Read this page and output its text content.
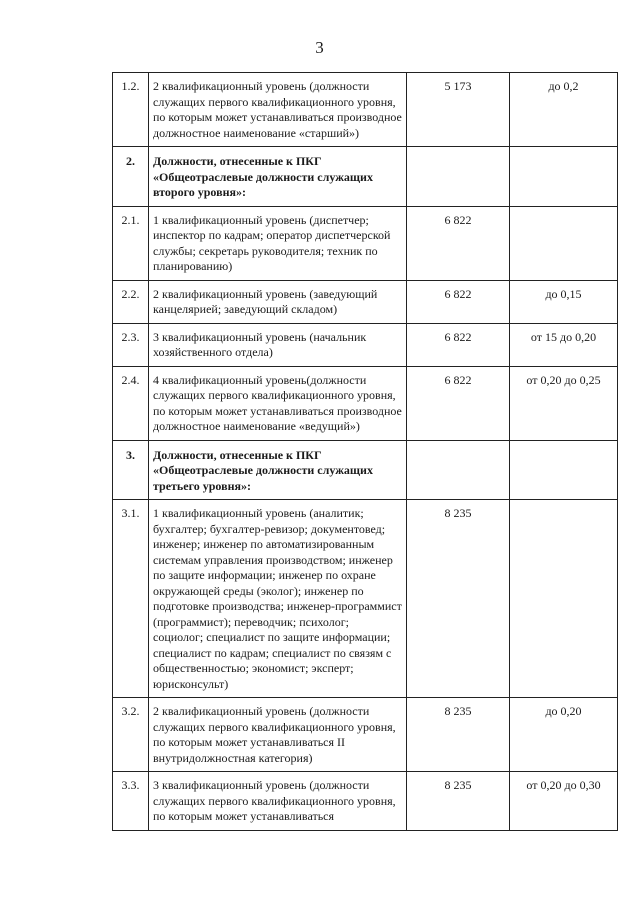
3
1.2.	2 квалификационный уровень (должности служащих первого квалификационного уровня, по которым может устанавливаться производное должностное наименование «старший»)	5 173	до 0,2
2.	Должности, отнесенные к ПКГ «Общеотраслевые должности служащих второго уровня»:		
2.1.	1 квалификационный уровень (диспетчер; инспектор по кадрам; оператор диспетчерской службы; секретарь руководителя; техник по планированию)	6 822	
2.2.	2 квалификационный уровень (заведующий канцелярией; заведующий складом)	6 822	до 0,15
2.3.	3 квалификационный уровень (начальник хозяйственного отдела)	6 822	от 15 до 0,20
2.4.	4 квалификационный уровень(должности служащих первого квалификационного уровня, по которым может устанавливаться производное должностное наименование «ведущий»)	6 822	от 0,20 до 0,25
3.	Должности, отнесенные к ПКГ «Общеотраслевые должности служащих третьего уровня»:		
3.1.	1 квалификационный уровень (аналитик; бухгалтер; бухгалтер-ревизор; документовед; инженер; инженер по автоматизированным системам управления производством; инженер по защите информации; инженер по охране окружающей среды (эколог); инженер по подготовке производства; инженер-программист (программист); переводчик; психолог; социолог; специалист по защите информации; специалист по кадрам; специалист по связям с общественностью; экономист; эксперт; юрисконсульт)	8 235	
3.2.	2 квалификационный уровень (должности служащих первого квалификационного уровня, по которым может устанавливаться II внутридолжностная категория)	8 235	до 0,20
3.3.	3 квалификационный уровень (должности служащих первого квалификационного уровня, по которым может устанавливаться	8 235	от 0,20 до 0,30
